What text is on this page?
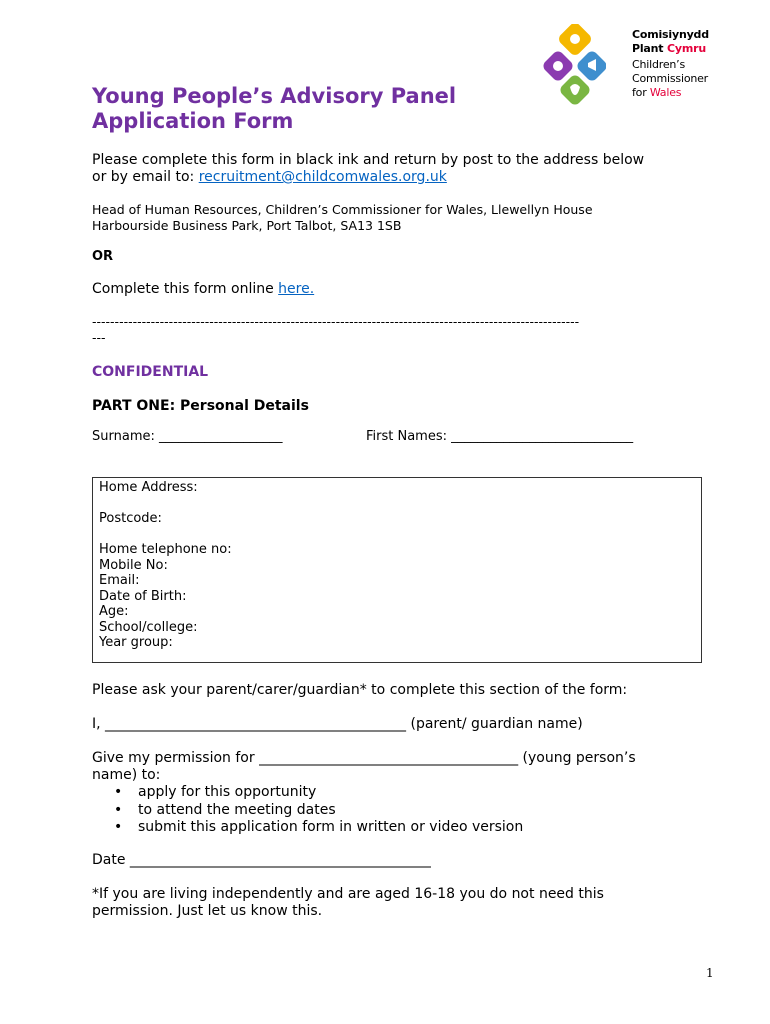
Comisiynydd
Plant Cymru
Children’s
Commissioner
for Wales
Young People’s Advisory Panel
Application Form
Please complete this form in black ink and return by post to the address below
or by email to: recruitment@childcomwales.org.uk
Head of Human Resources, Children’s Commissioner for Wales, Llewellyn House
Harbourside Business Park, Port Talbot, SA13 1SB
OR
Complete this form online here.
------------------------------------------------------------------------------------------------------------
---
CONFIDENTIAL
PART ONE: Personal Details
Surname: ___________________	First Names: ____________________________
Home Address:
Postcode:
Home telephone no:
Mobile No:
Email:
Date of Birth:
Age:
School/college:
Year group:
Please ask your parent/carer/guardian* to complete this section of the form:
I, ___________________________________________ (parent/ guardian name)
Give my permission for _____________________________________ (young person’s
name) to:
• apply for this opportunity
• to attend the meeting dates
• submit this application form in written or video version
Date ___________________________________________
*If you are living independently and are aged 16-18 you do not need this
permission. Just let us know this.
1
